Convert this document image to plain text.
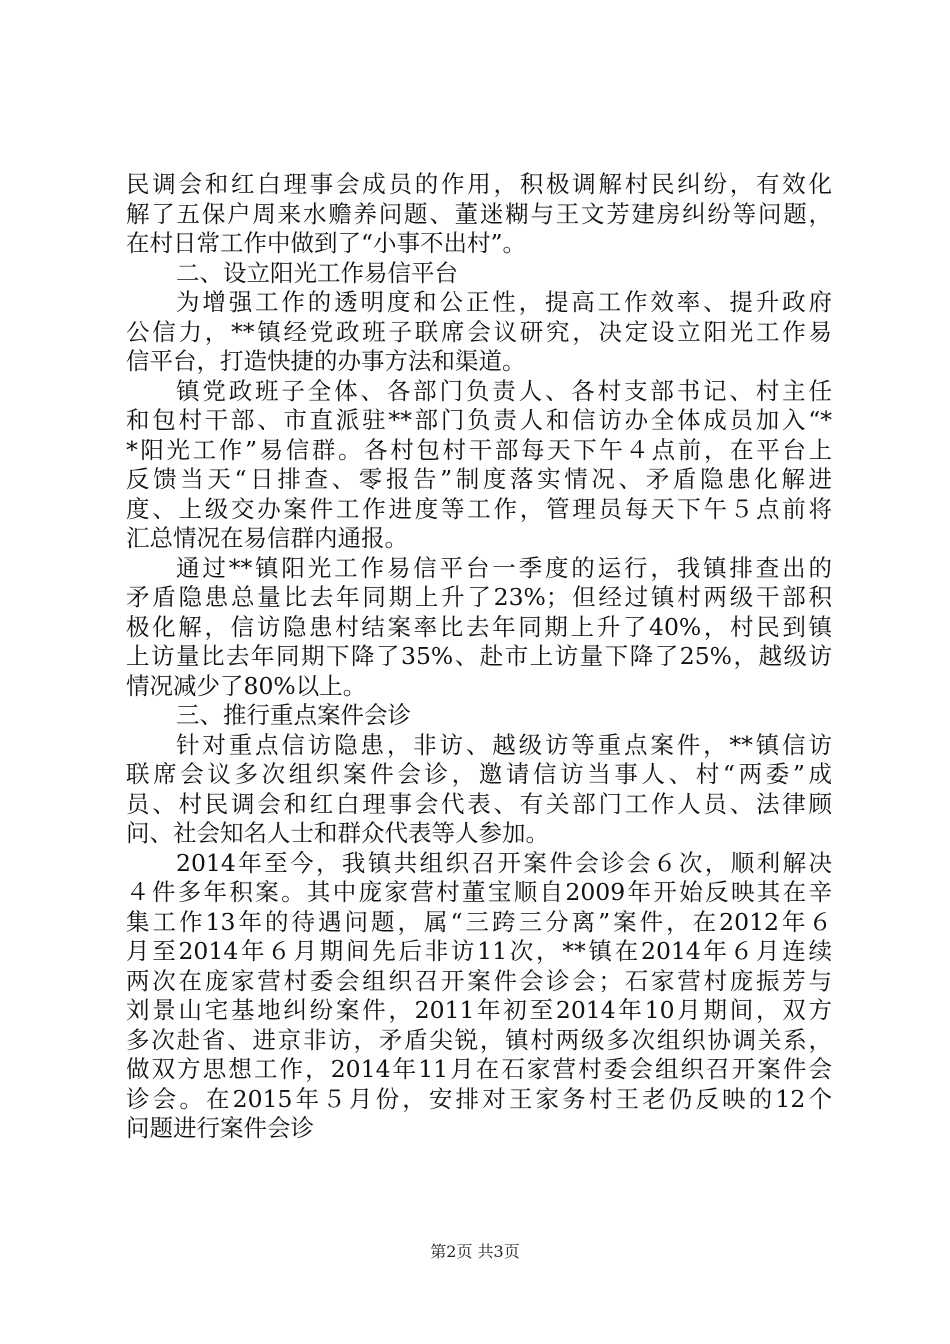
民调会和红白理事会成员的作用，积极调解村民纠纷，有效化
解了五保户周来水赡养问题、董迷糊与王文芳建房纠纷等问题，
在村日常工作中做到了“小事不出村”。
二、设立阳光工作易信平台
为增强工作的透明度和公正性，提高工作效率、提升政府
公信力，**镇经党政班子联席会议研究，决定设立阳光工作易
信平台，打造快捷的办事方法和渠道。
镇党政班子全体、各部门负责人、各村支部书记、村主任
和包村干部、市直派驻**部门负责人和信访办全体成员加入“*
*阳光工作”易信群。各村包村干部每天下午４点前，在平台上
反馈当天“日排查、零报告”制度落实情况、矛盾隐患化解进
度、上级交办案件工作进度等工作，管理员每天下午５点前将
汇总情况在易信群内通报。
通过**镇阳光工作易信平台一季度的运行，我镇排查出的
矛盾隐患总量比去年同期上升了23%；但经过镇村两级干部积
极化解，信访隐患村结案率比去年同期上升了40%，村民到镇
上访量比去年同期下降了35%、赴市上访量下降了25%，越级访
情况减少了80%以上。
三、推行重点案件会诊
针对重点信访隐患，非访、越级访等重点案件，**镇信访
联席会议多次组织案件会诊，邀请信访当事人、村“两委”成
员、村民调会和红白理事会代表、有关部门工作人员、法律顾
问、社会知名人士和群众代表等人参加。
2014年至今，我镇共组织召开案件会诊会６次，顺利解决
４件多年积案。其中庞家营村董宝顺自2009年开始反映其在辛
集工作13年的待遇问题，属“三跨三分离”案件，在2012年６
月至2014年６月期间先后非访11次，**镇在2014年６月连续
两次在庞家营村委会组织召开案件会诊会；石家营村庞振芳与
刘景山宅基地纠纷案件，2011年初至2014年10月期间，双方
多次赴省、进京非访，矛盾尖锐，镇村两级多次组织协调关系，
做双方思想工作，2014年11月在石家营村委会组织召开案件会
诊会。在2015年５月份，安排对王家务村王老仍反映的12个
问题进行案件会诊
第2页 共3页
